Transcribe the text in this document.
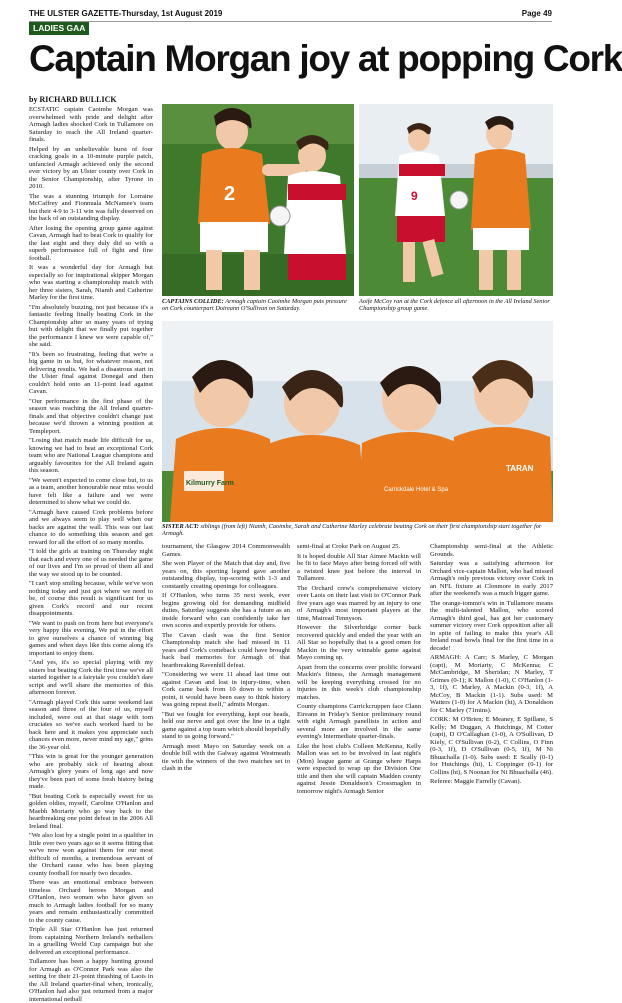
THE ULSTER GAZETTE-Thursday, 1st August 2019	Page 49
LADIES GAA
Captain Morgan joy at popping Cork
by RICHARD BULLICK

ECSTATIC captain Caoimhe Morgan was overwhelmed with pride and delight after Armagh ladies shocked Cork in Tullamore on Saturday to reach the All Ireland quarter-finals.

Helped by an unbelievable burst of four cracking goals in a 10-minute purple patch, unfancied Armagh achieved only the second ever victory by an Ulster county over Cork in the Senior Championship, after Tyrone in 2010.

The was a stunning triumph for Lorraine McCaffrey and Fionnuala McNamee's team but their 4-9 to 3-11 win was fully deserved on the back of an outstanding display.

After losing the opening group game against Cavan, Armagh had to beat Cork to qualify for the last eight and they duly did so with a superb performance full of fight and fine football.

It was a wonderful day for Armagh but especially so for inspirational skipper Morgan who was starting a championship match with her three sisters, Sarah, Niamh and Catherine Marley for the first time.

"I'm absolutely buzzing, not just because it's a fantastic feeling finally beating Cork in the Championship after so many years of trying but with delight that we finally put together the performance I knew we were capable of," she said.

"It's been so frustrating, feeling that we're a big game in us but, for whatever reason, not delivering results. We had a disastrous start in the Ulster final against Donegal and then couldn't hold onto an 11-point lead against Cavan.

"Our performance in the first phase of the season was reaching the All Ireland quarter-finals and that objective couldn't change just because we'd thrown a winning position at Templeport.

"Losing that match made life difficult for us, knowing we had to beat an exceptional Cork team who are National League champions and arguably favourites for the All Ireland again this season.

"We weren't expected to come close but, to us as a team, another honourable near miss would have felt like a failure and we were determined to show what we could do.

"Armagh have caused Cork problems before and we always seem to play well when our backs are against the wall. This was our last chance to do something this season and get reward for all the effort of so many months.

"I told the girls at training on Thursday night that each and every one of us needed the game of our lives and I'm so proud of them all and the way we stood up to be counted.

"I can't stop smiling because, while we've won nothing today and just got where we need to be, of course this result is significant for us given Cork's record and our recent disappointments.

"We want to push on from here but everyone's very happy this evening. We put in the effort to give ourselves a chance of winning big games and when days like this come along it's important to enjoy them.

"And yes, it's so special playing with my sisters but beating Cork the first time we've all started together is a fairytale you couldn't dare script and we'll share the memories of this afternoon forever.

"Armagh played Cork this same weekend last season and three of the four of us, myself included, were out at that stage with torn cruciates so we've each worked hard to be back here and it makes you appreciate such chances even more, never mind my age," grins the 36-year old.

"This win is great for the younger generation who are probably sick of hearing about Armagh's glory years of long ago and now they've been part of some fresh history being made.

"But beating Cork is especially sweet for us golden oldies, myself, Caroline O'Hanlon and Maebh Moriarty who go way back to the heartbreaking one point defeat in the 2006 All Ireland final.

"We also lost by a single point in a qualifier in little over two years ago so it seems fitting that we've now won against them for our most difficult of months, a tremendous servant of the Orchard cause who has been playing county football for nearly two decades.

There was an emotional embrace between timeless Orchard heroes Morgan and O'Hanlon, two women who have given so much to Armagh ladies football for so many years and remain enthusiastically committed to the county cause.

Triple All Star O'Hanlon has just returned from captaining Northern Ireland's netballers in a gruelling World Cup campaign but she delivered an exceptional performance.

Tullamore has been a happy hunting ground for Armagh as O'Connor Park was also the setting for their 21-point thrashing of Laois in the All Ireland quarter-final when, ironically, O'Hanlon had also just returned from a major international netball

2	9
CAPTAINS COLLIDE: Armagh captain Caoimhe Morgan puts pressure on Cork counterpart Doireann O'Sullivan on Saturday.
Aoife McCoy ran at the Cork defence all afternoon in the All Ireland Senior Championship group game.
Kilmurry Farm
Carrickdale Hotel & Spa
TARAN
SISTER ACT: siblings (from left) Niamh, Caoimhe, Sarah and Catherine Marley celebrate beating Cork on their first championship start together for Armagh.

tournament, the Glasgow 2014 Commonwealth Games.

She won Player of the Match that day and, five years on, this sporting legend gave another outstanding display, top-scoring with 1-3 and constantly creating openings for colleagues.

If O'Hanlon, who turns 35 next week, ever begins growing old for demanding midfield duties, Saturday suggests she has a future as an inside forward who can confidently take her own scores and expertly provide for others.

The Cavan clash was the first Senior Championship match she had missed in 11 years and Cork's comeback could have brought back bad memories for Armagh of that heartbreaking Ravenhill defeat.

"Considering we were 11 ahead last time out against Cavan and lost in injury-time, when Cork came back from 10 down to within a point, it would have been easy to think history was going repeat itself," admits Morgan.

"But we fought for everything, kept our heads, held our nerve and got over the line in a tight game against a top team which should hopefully stand to us going forward."

Armagh meet Mayo on Saturday week on a double bill with the Galway against Westmeath tie with the winners of the two matches set to clash in the

semi-final at Croke Park on August 25.

It is hoped double All Star Aimee Mackin will be fit to face Mayo after being forced off with a twisted knee just before the interval in Tullamore.

The Orchard crew's comprehensive victory over Laois on their last visit to O'Connor Park five years ago was marred by an injury to one of Armagh's most important players at the time, Mairead Tennyson.

However the Silverbridge corner back recovered quickly and ended the year with an All Star so hopefully that is a good omen for Mackin in the very winnable game against Mayo coming up.

Apart from the concerns over prolific forward Mackin's fitness, the Armagh management will be keeping everything crossed for no injuries in this week's club championship matches.

County champions Carrickcruppen face Clann Eireann in Friday's Senior preliminary round with eight Armagh panellists in action and several more are involved in the same evening's Intermediate quarter-finals.

Like the host club's Colleen McKenna, Kelly Mallon was set to be involved in last night's (Mon) league game at Grange where Harps were expected to wrap up the Division One title and then she will captain Madden county against Jessie Donaldson's Crossmaglen in tomorrow night's Armagh Senior

Championship semi-final at the Athletic Grounds.

Saturday was a satisfying afternoon for Orchard vice-captain Mallon, who had missed Armagh's only previous victory over Cork in an NFL fixture at Clonmore in early 2017 after the weekend's was a much bigger game.

The orange-tommo's win in Tullamore means the multi-talented Mallon, who scored Armagh's third goal, has got her customary summer victory over Cork opposition after all in spite of failing to make this year's All Ireland road bowls final for the first time in a decade!

ARMAGH: A Carr; S Marley, C Morgan (capt), M Moriarty, C McKenna; C McCambridge, M Sheridan; N Marley, T Grimes (0-1); K Mallon (1-0), C O'Hanlon (1-3, 1f), C Marley, A Mackin (0-3, 1f), A McCoy, B Mackin (1-1). Subs used: M Watters (1-0) for A Mackin (ht), A Donaldson for C Marley (71mins).

CORK: M O'Brien; E Meaney, E Spillane, S Kelly; M Duggan, A Hutchings, M Cotter (capt), D O'Callaghan (1-0), A O'Sullivan, D Kiely, C O'Sullivan (0-2), C Collins, O Finn (0-3, 1f), D O'Sullivan (0-5, 1f), M Ni Bhuachalla (1-0). Subs used: E Scally (0-1) for Hutchings (ht), L Coppinger (0-1) for Collins (ht), S Noonan for Ni Bhuachalla (46).

Referee: Maggie Farrelly (Cavan).
